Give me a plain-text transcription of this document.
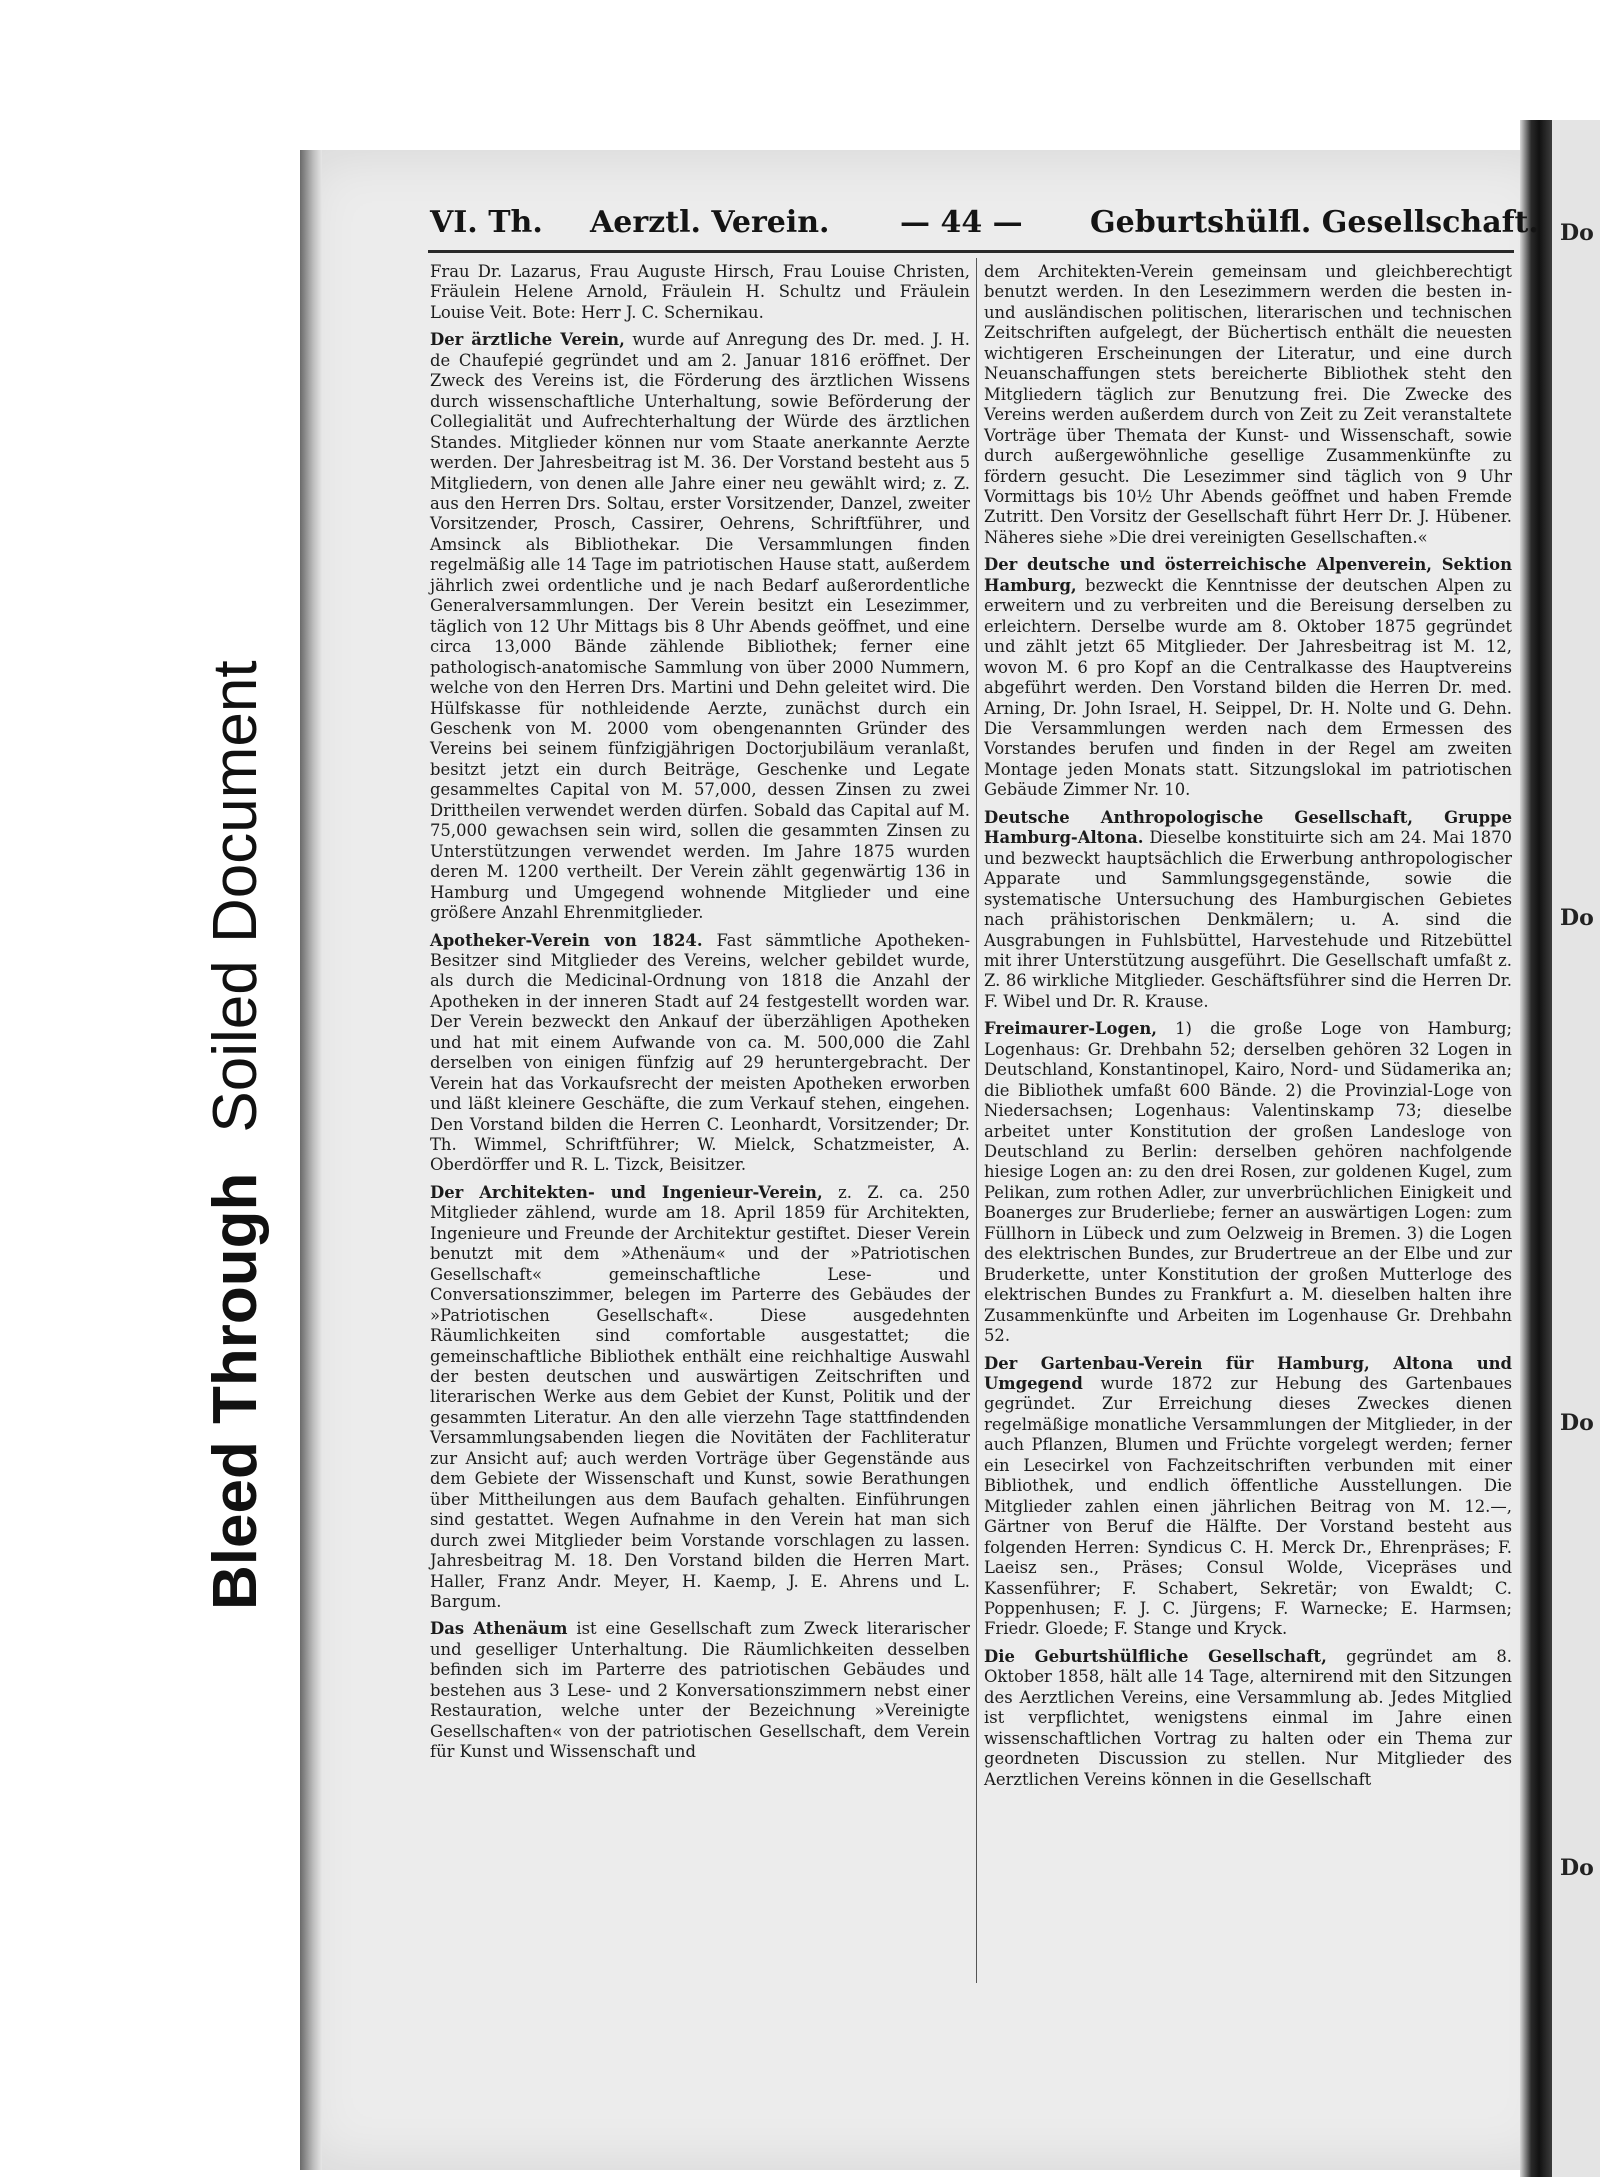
Bleed ThroughSoiled Document
Do
Do
Do
Do
VI. Th. Aerztl. Verein. — 44 — Geburtshülfl. Gesellschaft.

Frau Dr. Lazarus, Frau Auguste Hirsch, Frau Louise Christen, Fräulein Helene Arnold, Fräulein H. Schultz und Fräulein Louise Veit. Bote: Herr J. C. Schernikau.

Der ärztliche Verein, wurde auf Anregung des Dr. med. J. H. de Chaufepié gegründet und am 2. Januar 1816 eröffnet. Der Zweck des Vereins ist, die Förderung des ärztlichen Wissens durch wissenschaftliche Unterhaltung, sowie Beförderung der Collegialität und Aufrechterhaltung der Würde des ärztlichen Standes. Mitglieder können nur vom Staate anerkannte Aerzte werden. Der Jahresbeitrag ist M. 36. Der Vorstand besteht aus 5 Mitgliedern, von denen alle Jahre einer neu gewählt wird; z. Z. aus den Herren Drs. Soltau, erster Vorsitzender, Danzel, zweiter Vorsitzender, Prosch, Cassirer, Oehrens, Schriftführer, und Amsinck als Bibliothekar. Die Versammlungen finden regelmäßig alle 14 Tage im patriotischen Hause statt, außerdem jährlich zwei ordentliche und je nach Bedarf außerordentliche Generalversammlungen. Der Verein besitzt ein Lesezimmer, täglich von 12 Uhr Mittags bis 8 Uhr Abends geöffnet, und eine circa 13,000 Bände zählende Bibliothek; ferner eine pathologisch-anatomische Sammlung von über 2000 Nummern, welche von den Herren Drs. Martini und Dehn geleitet wird. Die Hülfskasse für nothleidende Aerzte, zunächst durch ein Geschenk von M. 2000 vom obengenannten Gründer des Vereins bei seinem fünfzigjährigen Doctorjubiläum veranlaßt, besitzt jetzt ein durch Beiträge, Geschenke und Legate gesammeltes Capital von M. 57,000, dessen Zinsen zu zwei Drittheilen verwendet werden dürfen. Sobald das Capital auf M. 75,000 gewachsen sein wird, sollen die gesammten Zinsen zu Unterstützungen verwendet werden. Im Jahre 1875 wurden deren M. 1200 vertheilt. Der Verein zählt gegenwärtig 136 in Hamburg und Umgegend wohnende Mitglieder und eine größere Anzahl Ehrenmitglieder.

Apotheker-Verein von 1824. Fast sämmtliche Apotheken-Besitzer sind Mitglieder des Vereins, welcher gebildet wurde, als durch die Medicinal-Ordnung von 1818 die Anzahl der Apotheken in der inneren Stadt auf 24 festgestellt worden war. Der Verein bezweckt den Ankauf der überzähligen Apotheken und hat mit einem Aufwande von ca. M. 500,000 die Zahl derselben von einigen fünfzig auf 29 heruntergebracht. Der Verein hat das Vorkaufsrecht der meisten Apotheken erworben und läßt kleinere Geschäfte, die zum Verkauf stehen, eingehen. Den Vorstand bilden die Herren C. Leonhardt, Vorsitzender; Dr. Th. Wimmel, Schriftführer; W. Mielck, Schatzmeister, A. Oberdörffer und R. L. Tizck, Beisitzer.

Der Architekten- und Ingenieur-Verein, z. Z. ca. 250 Mitglieder zählend, wurde am 18. April 1859 für Architekten, Ingenieure und Freunde der Architektur gestiftet. Dieser Verein benutzt mit dem »Athenäum« und der »Patriotischen Gesellschaft« gemeinschaftliche Lese- und Conversationszimmer, belegen im Parterre des Gebäudes der »Patriotischen Gesellschaft«. Diese ausgedehnten Räumlichkeiten sind comfortable ausgestattet; die gemeinschaftliche Bibliothek enthält eine reichhaltige Auswahl der besten deutschen und auswärtigen Zeitschriften und literarischen Werke aus dem Gebiet der Kunst, Politik und der gesammten Literatur. An den alle vierzehn Tage stattfindenden Versammlungsabenden liegen die Novitäten der Fachliteratur zur Ansicht auf; auch werden Vorträge über Gegenstände aus dem Gebiete der Wissenschaft und Kunst, sowie Berathungen über Mittheilungen aus dem Baufach gehalten. Einführungen sind gestattet. Wegen Aufnahme in den Verein hat man sich durch zwei Mitglieder beim Vorstande vorschlagen zu lassen. Jahresbeitrag M. 18. Den Vorstand bilden die Herren Mart. Haller, Franz Andr. Meyer, H. Kaemp, J. E. Ahrens und L. Bargum.

Das Athenäum ist eine Gesellschaft zum Zweck literarischer und geselliger Unterhaltung. Die Räumlichkeiten desselben befinden sich im Parterre des patriotischen Gebäudes und bestehen aus 3 Lese- und 2 Konversationszimmern nebst einer Restauration, welche unter der Bezeichnung »Vereinigte Gesellschaften« von der patriotischen Gesellschaft, dem Verein für Kunst und Wissenschaft und

dem Architekten-Verein gemeinsam und gleichberechtigt benutzt werden. In den Lesezimmern werden die besten in- und ausländischen politischen, literarischen und technischen Zeitschriften aufgelegt, der Büchertisch enthält die neuesten wichtigeren Erscheinungen der Literatur, und eine durch Neuanschaffungen stets bereicherte Bibliothek steht den Mitgliedern täglich zur Benutzung frei. Die Zwecke des Vereins werden außerdem durch von Zeit zu Zeit veranstaltete Vorträge über Themata der Kunst- und Wissenschaft, sowie durch außergewöhnliche gesellige Zusammenkünfte zu fördern gesucht. Die Lesezimmer sind täglich von 9 Uhr Vormittags bis 10½ Uhr Abends geöffnet und haben Fremde Zutritt. Den Vorsitz der Gesellschaft führt Herr Dr. J. Hübener. Näheres siehe »Die drei vereinigten Gesellschaften.«

Der deutsche und österreichische Alpenverein, Sektion Hamburg, bezweckt die Kenntnisse der deutschen Alpen zu erweitern und zu verbreiten und die Bereisung derselben zu erleichtern. Derselbe wurde am 8. Oktober 1875 gegründet und zählt jetzt 65 Mitglieder. Der Jahresbeitrag ist M. 12, wovon M. 6 pro Kopf an die Centralkasse des Hauptvereins abgeführt werden. Den Vorstand bilden die Herren Dr. med. Arning, Dr. John Israel, H. Seippel, Dr. H. Nolte und G. Dehn. Die Versammlungen werden nach dem Ermessen des Vorstandes berufen und finden in der Regel am zweiten Montage jeden Monats statt. Sitzungslokal im patriotischen Gebäude Zimmer Nr. 10.

Deutsche Anthropologische Gesellschaft, Gruppe Hamburg-Altona. Dieselbe konstituirte sich am 24. Mai 1870 und bezweckt hauptsächlich die Erwerbung anthropologischer Apparate und Sammlungsgegenstände, sowie die systematische Untersuchung des Hamburgischen Gebietes nach prähistorischen Denkmälern; u. A. sind die Ausgrabungen in Fuhlsbüttel, Harvestehude und Ritzebüttel mit ihrer Unterstützung ausgeführt. Die Gesellschaft umfaßt z. Z. 86 wirkliche Mitglieder. Geschäftsführer sind die Herren Dr. F. Wibel und Dr. R. Krause.

Freimaurer-Logen, 1) die große Loge von Hamburg; Logenhaus: Gr. Drehbahn 52; derselben gehören 32 Logen in Deutschland, Konstantinopel, Kairo, Nord- und Südamerika an; die Bibliothek umfaßt 600 Bände. 2) die Provinzial-Loge von Niedersachsen; Logenhaus: Valentinskamp 73; dieselbe arbeitet unter Konstitution der großen Landesloge von Deutschland zu Berlin: derselben gehören nachfolgende hiesige Logen an: zu den drei Rosen, zur goldenen Kugel, zum Pelikan, zum rothen Adler, zur unverbrüchlichen Einigkeit und Boanerges zur Bruderliebe; ferner an auswärtigen Logen: zum Füllhorn in Lübeck und zum Oelzweig in Bremen. 3) die Logen des elektrischen Bundes, zur Brudertreue an der Elbe und zur Bruderkette, unter Konstitution der großen Mutterloge des elektrischen Bundes zu Frankfurt a. M. dieselben halten ihre Zusammenkünfte und Arbeiten im Logenhause Gr. Drehbahn 52.

Der Gartenbau-Verein für Hamburg, Altona und Umgegend wurde 1872 zur Hebung des Gartenbaues gegründet. Zur Erreichung dieses Zweckes dienen regelmäßige monatliche Versammlungen der Mitglieder, in der auch Pflanzen, Blumen und Früchte vorgelegt werden; ferner ein Lesecirkel von Fachzeitschriften verbunden mit einer Bibliothek, und endlich öffentliche Ausstellungen. Die Mitglieder zahlen einen jährlichen Beitrag von M. 12.—, Gärtner von Beruf die Hälfte. Der Vorstand besteht aus folgenden Herren: Syndicus C. H. Merck Dr., Ehrenpräses; F. Laeisz sen., Präses; Consul Wolde, Vicepräses und Kassenführer; F. Schabert, Sekretär; von Ewaldt; C. Poppenhusen; F. J. C. Jürgens; F. Warnecke; E. Harmsen; Friedr. Gloede; F. Stange und Kryck.

Die Geburtshülfliche Gesellschaft, gegründet am 8. Oktober 1858, hält alle 14 Tage, alternirend mit den Sitzungen des Aerztlichen Vereins, eine Versammlung ab. Jedes Mitglied ist verpflichtet, wenigstens einmal im Jahre einen wissenschaftlichen Vortrag zu halten oder ein Thema zur geordneten Discussion zu stellen. Nur Mitglieder des Aerztlichen Vereins können in die Gesellschaft
